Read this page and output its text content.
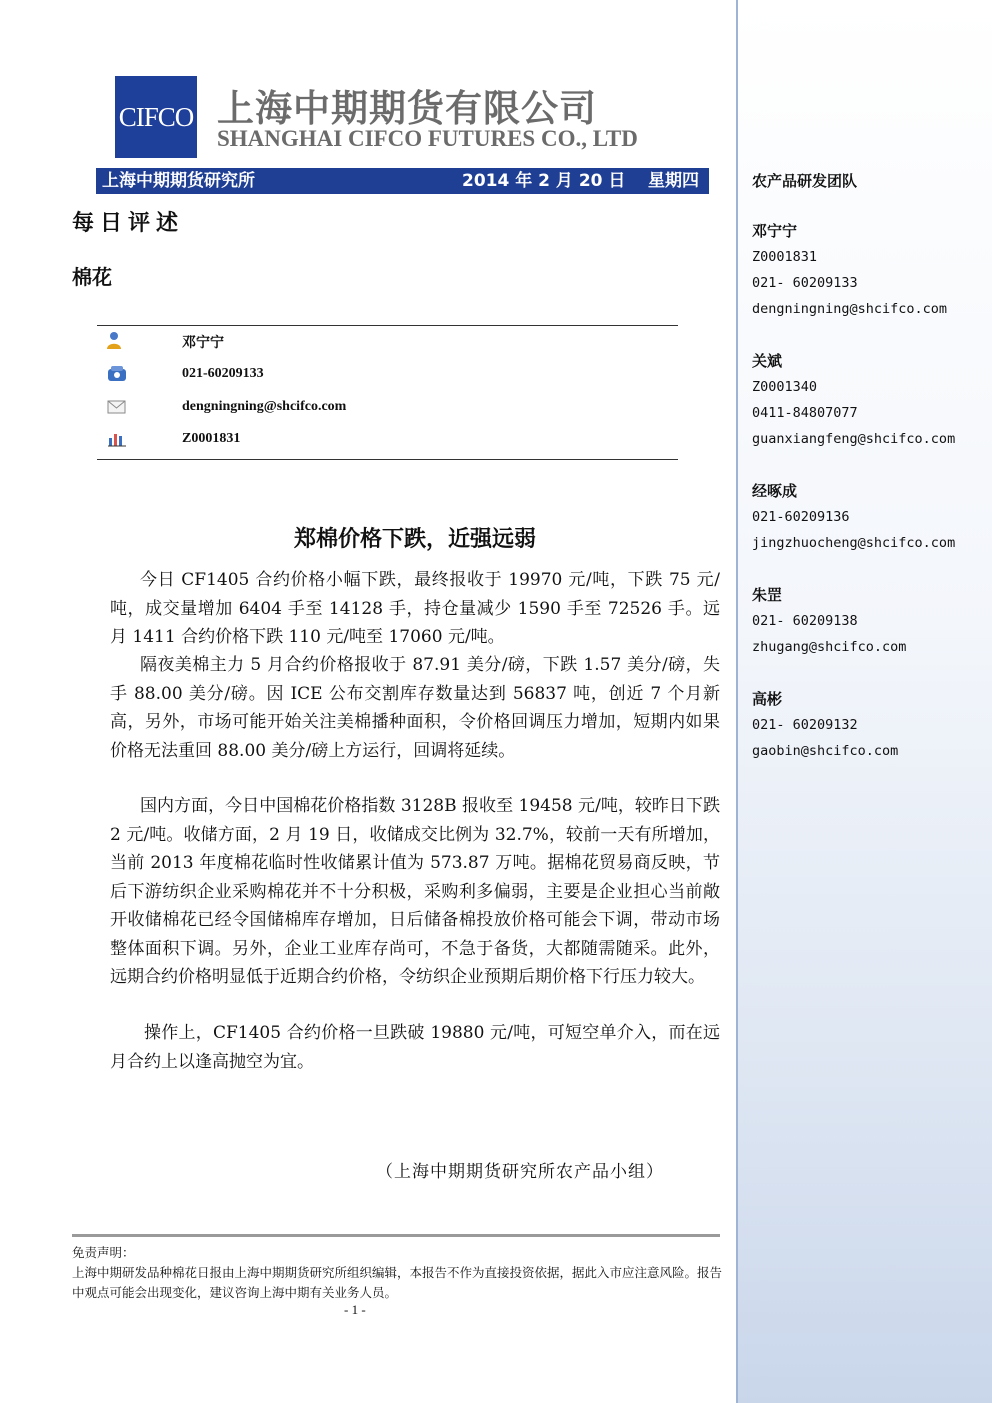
CIFCO 上海中期期货有限公司
SHANGHAI CIFCO FUTURES CO., LTD
上海中期期货研究所	2014 年 2 月 20 日 星期四
每日评述
棉花
邓宁宁
021-60209133
dengningning@shcifco.com
Z0001831
郑棉价格下跌，近强远弱
今日 CF1405 合约价格小幅下跌，最终报收于 19970 元/吨，下跌 75 元/吨，成交量增加 6404 手至 14128 手，持仓量减少 1590 手至 72526 手。远月 1411 合约价格下跌 110 元/吨至 17060 元/吨。
隔夜美棉主力 5 月合约价格报收于 87.91 美分/磅，下跌 1.57 美分/磅，失手 88.00 美分/磅。因 ICE 公布交割库存数量达到 56837 吨，创近 7 个月新高，另外，市场可能开始关注美棉播种面积，令价格回调压力增加，短期内如果价格无法重回 88.00 美分/磅上方运行，回调将延续。
国内方面，今日中国棉花价格指数 3128B 报收至 19458 元/吨，较昨日下跌 2 元/吨。收储方面，2 月 19 日，收储成交比例为 32.7%，较前一天有所增加，当前 2013 年度棉花临时性收储累计值为 573.87 万吨。据棉花贸易商反映，节后下游纺织企业采购棉花并不十分积极，采购利多偏弱，主要是企业担心当前敞开收储棉花已经令国储棉库存增加，日后储备棉投放价格可能会下调，带动市场整体面积下调。另外，企业工业库存尚可，不急于备货，大都随需随采。此外，远期合约价格明显低于近期合约价格，令纺织企业预期后期价格下行压力较大。
操作上，CF1405 合约价格一旦跌破 19880 元/吨，可短空单介入，而在远月合约上以逢高抛空为宜。
（上海中期期货研究所农产品小组）
免责声明：
上海中期研发品种棉花日报由上海中期期货研究所组织编辑，本报告不作为直接投资依据，据此入市应注意风险。报告中观点可能会出现变化，建议咨询上海中期有关业务人员。
- 1 -
农产品研发团队
邓宁宁
Z0001831
021- 60209133
dengningning@shcifco.com
关斌
Z0001340
0411-84807077
guanxiangfeng@shcifco.com
经啄成
021-60209136
jingzhuocheng@shcifco.com
朱罡
021- 60209138
zhugang@shcifco.com
高彬
021- 60209132
gaobin@shcifco.com
